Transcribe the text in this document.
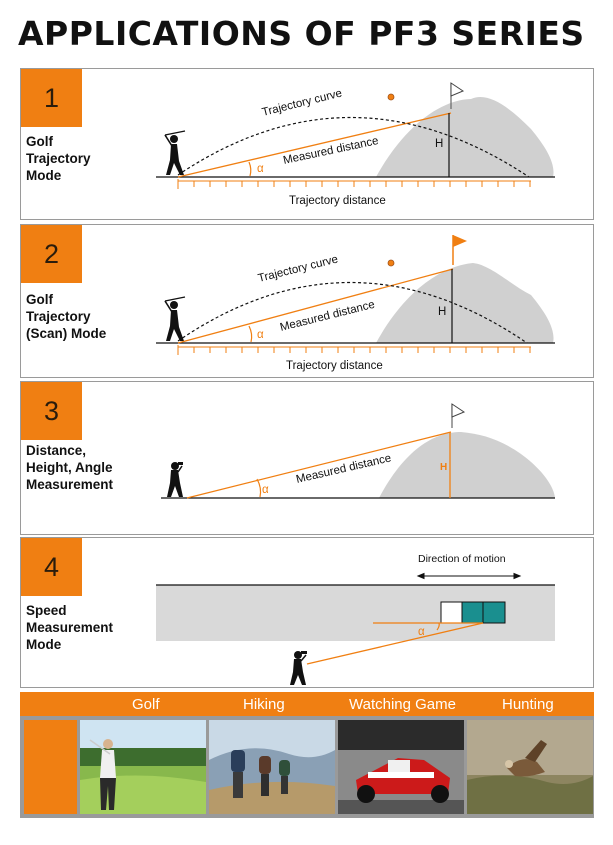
APPLICATIONS OF PF3 SERIES
1
Golf
Trajectory
Mode
Trajectory curve
Measured distance	H
α
Trajectory distance
2
Golf
Trajectory
(Scan) Mode
Trajectory curve
Measured distance	H
α
Trajectory distance
3
Distance,
Height, Angle
Measurement	Measured distance	H
α
4
Speed
Measurement
Mode
Direction of motion
α
Golf	Hiking	Watching Game	Hunting
